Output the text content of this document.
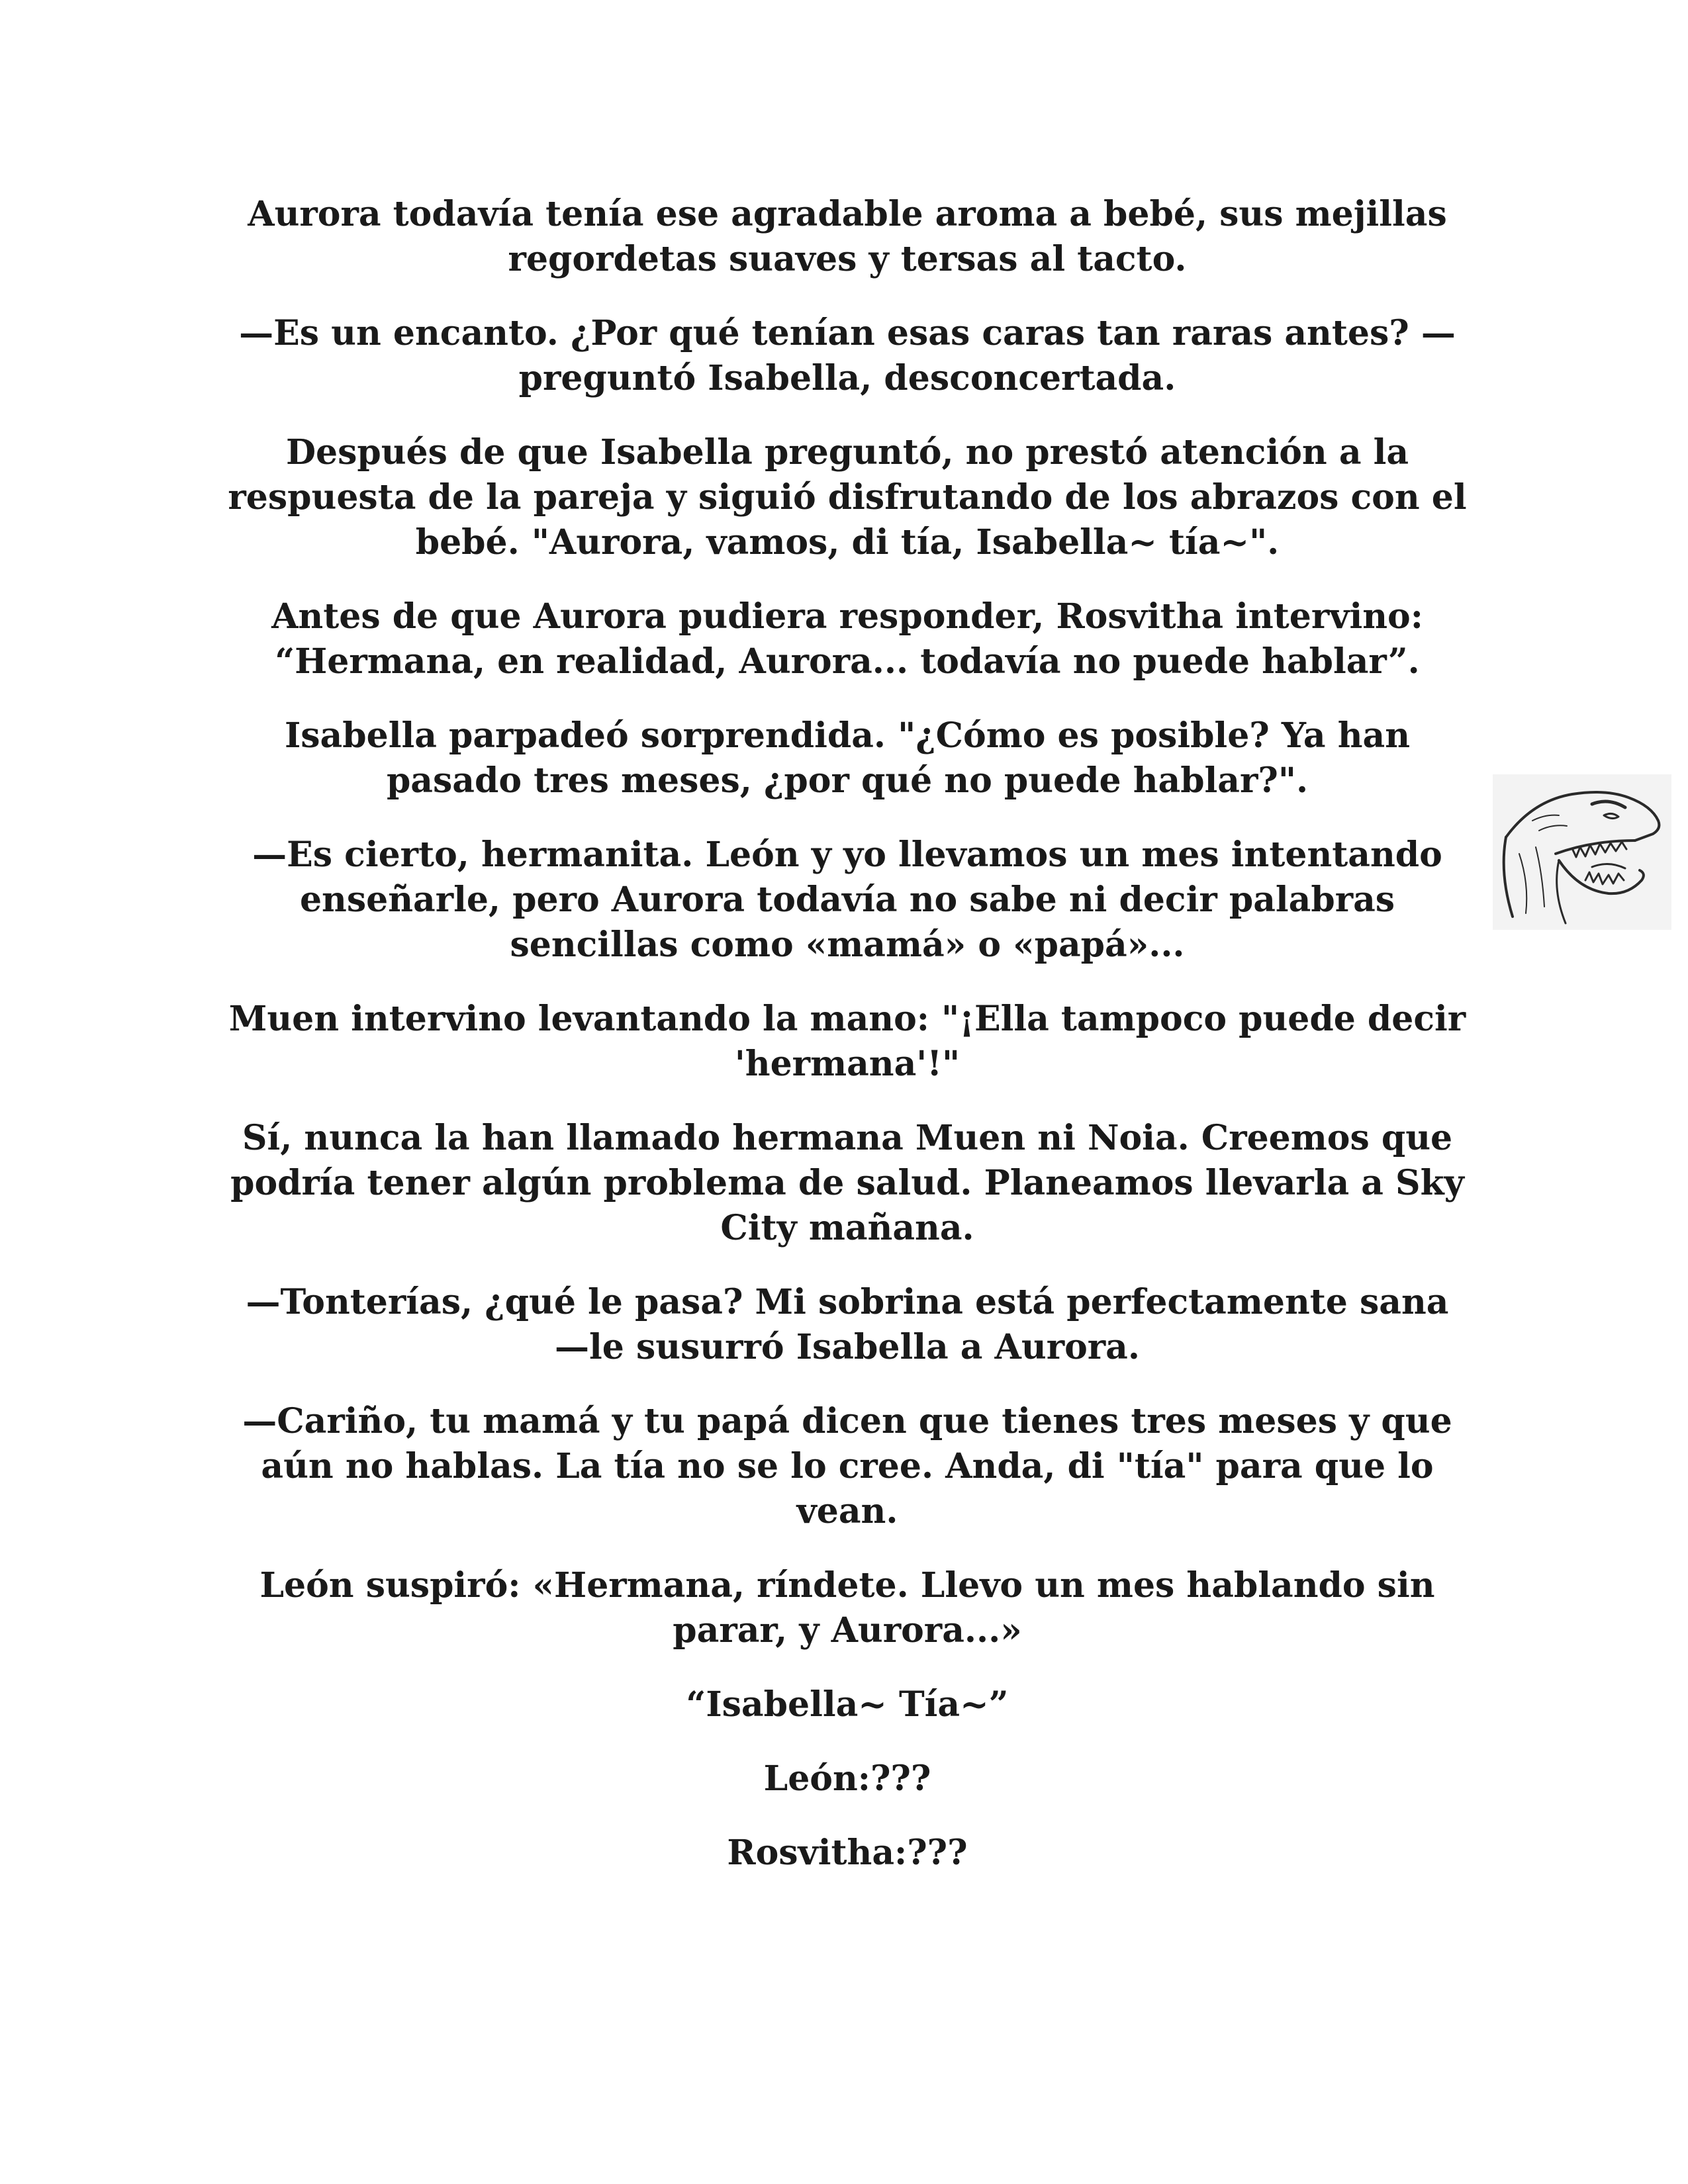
Aurora todavía tenía ese agradable aroma a bebé, sus mejillas regordetas suaves y tersas al tacto.

—Es un encanto. ¿Por qué tenían esas caras tan raras antes? —preguntó Isabella, desconcertada.

Después de que Isabella preguntó, no prestó atención a la respuesta de la pareja y siguió disfrutando de los abrazos con el bebé. "Aurora, vamos, di tía, Isabella~ tía~".

Antes de que Aurora pudiera responder, Rosvitha intervino: “Hermana, en realidad, Aurora... todavía no puede hablar”.

Isabella parpadeó sorprendida. "¿Cómo es posible? Ya han pasado tres meses, ¿por qué no puede hablar?".

—Es cierto, hermanita. León y yo llevamos un mes intentando enseñarle, pero Aurora todavía no sabe ni decir palabras sencillas como «mamá» o «papá»...

Muen intervino levantando la mano: "¡Ella tampoco puede decir 'hermana'!"

Sí, nunca la han llamado hermana Muen ni Noia. Creemos que podría tener algún problema de salud. Planeamos llevarla a Sky City mañana.

—Tonterías, ¿qué le pasa? Mi sobrina está perfectamente sana —le susurró Isabella a Aurora.

—Cariño, tu mamá y tu papá dicen que tienes tres meses y que aún no hablas. La tía no se lo cree. Anda, di "tía" para que lo vean.

León suspiró: «Hermana, ríndete. Llevo un mes hablando sin parar, y Aurora...»

“Isabella~ Tía~”

León:???

Rosvitha:???
